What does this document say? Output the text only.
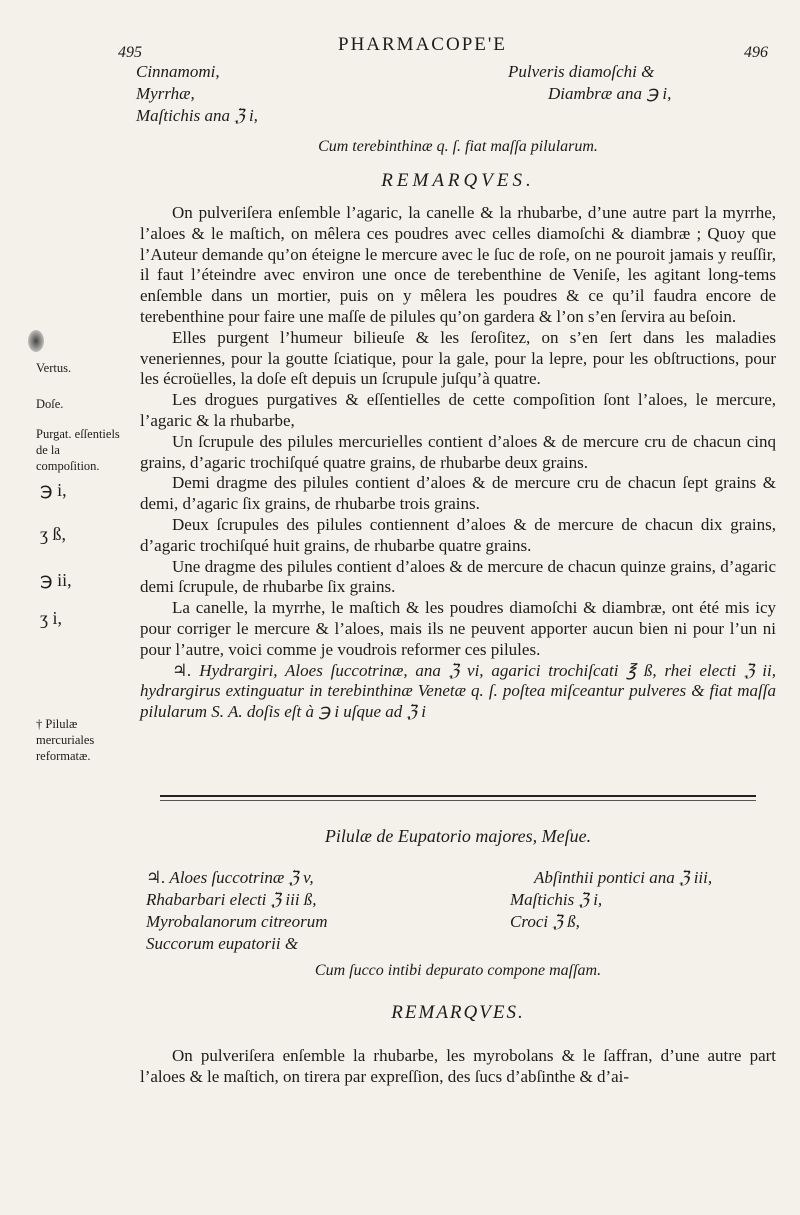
495	PHARMACOPE'E	496
Cinnamomi,
Myrrhæ,
Maſtichis ana ℨ i,
Pulveris diamoſchi &
Diambræ ana ℈ i,
Cum terebinthinæ q. ſ. fiat maſſa pilularum.
REMARQVES.

On pulveriſera enſemble l’agaric, la canelle & la rhubarbe, d’une autre part la myrrhe, l’aloes & le maſtich, on mêlera ces poudres avec celles diamoſchi & diambræ ; Quoy que l’Auteur demande qu’on éteigne le mercure avec le ſuc de roſe, on ne pouroit jamais y reuſſir, il faut l’éteindre avec environ une once de terebenthine de Veniſe, les agitant long-tems enſemble dans un mortier, puis on y mêlera les poudres & ce qu’il faudra encore de terebenthine pour faire une maſſe de pilules qu’on gardera & l’on s’en ſervira au beſoin.

Elles purgent l’humeur bilieuſe & les ſeroſitez, on s’en ſert dans les maladies veneriennes, pour la goutte ſciatique, pour la gale, pour la lepre, pour les obſtructions, pour les écroüelles, la doſe eſt depuis un ſcrupule juſqu’à quatre.

Les drogues purgatives & eſſentielles de cette compoſition ſont l’aloes, le mercure, l’agaric & la rhubarbe,

Un ſcrupule des pilules mercurielles contient d’aloes & de mercure cru de chacun cinq grains, d’agaric trochiſqué quatre grains, de rhubarbe deux grains.

Demi dragme des pilules contient d’aloes & de mercure cru de chacun ſept grains & demi, d’agaric ſix grains, de rhubarbe trois grains.

Deux ſcrupules des pilules contiennent d’aloes & de mercure de chacun dix grains, d’agaric trochiſqué huit grains, de rhubarbe quatre grains.

Une dragme des pilules contient d’aloes & de mercure de chacun quinze grains, d’agaric demi ſcrupule, de rhubarbe ſix grains.

La canelle, la myrrhe, le maſtich & les poudres diamoſchi & diambræ, ont été mis icy pour corriger le mercure & l’aloes, mais ils ne peuvent apporter aucun bien ni pour l’un ni pour l’autre, voici comme je voudrois reformer ces pilules.

♃. Hydrargiri, Aloes ſuccotrinæ, ana ℨ vi, agarici trochiſcati ℥ ß, rhei electi ℨ ii, hydrargirus extinguatur in terebinthinæ Venetæ q. ſ. poſtea miſceantur pulveres & fiat maſſa pilularum S. A. doſis eſt à ℈ i uſque ad ℨ i

Vertus.
Doſe.
Purgat. eſſentiels de la compoſition.
℈ i,
ʒ ß,
℈ ii,
ʒ i,
† Pilulæ mercuriales reformatæ.
Pilulæ de Eupatorio majores, Meſue.
♃. Aloes ſuccotrinæ ℨ v,
Rhabarbari electi ℨ iii ß,
Myrobalanorum citreorum
Succorum eupatorii &
Abſinthii pontici ana ℨ iii,
Maſtichis ℨ i,
Croci ℨ ß,
Cum ſucco intibi depurato compone maſſam.
REMARQVES.

On pulveriſera enſemble la rhubarbe, les myrobolans & le ſaffran, d’une autre part l’aloes & le maſtich, on tirera par expreſſion, des ſucs d’abſinthe & d’ai-
